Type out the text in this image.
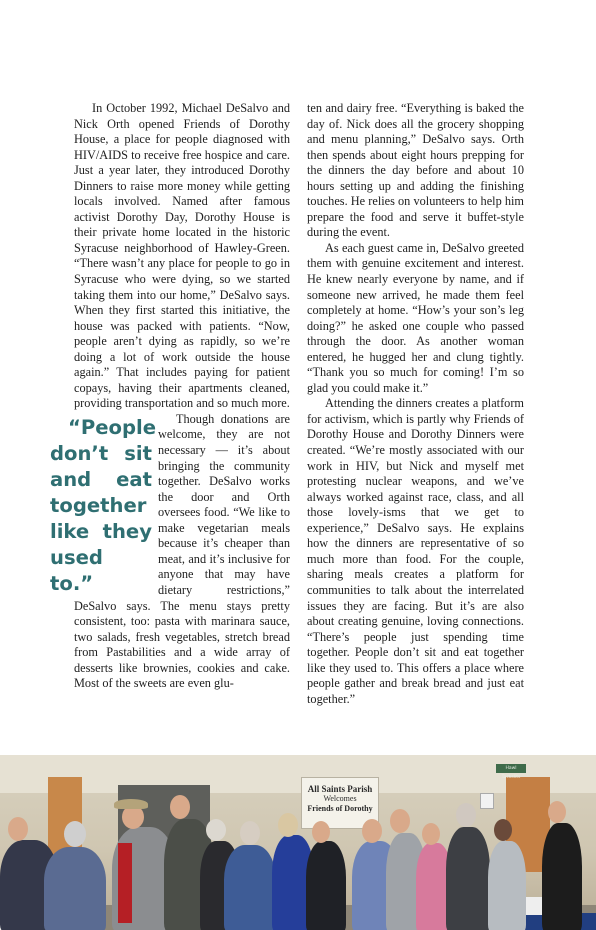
In October 1992, Michael DeSalvo and Nick Orth opened Friends of Dorothy House, a place for people diagnosed with HIV/AIDS to receive free hospice and care. Just a year later, they introduced Dorothy Dinners to raise more money while getting locals involved. Named after famous activist Dorothy Day, Dorothy House is their private home located in the historic Syracuse neighborhood of Hawley-Green. “There wasn’t any place for people to go in Syracuse who were dying, so we started taking them into our home,” DeSalvo says. When they first started this initiative, the house was packed with patients. “Now, people aren’t dying as rapidly, so we’re doing a lot of work outside the house again.” That includes paying for patient copays, having their apartments cleaned, providing transportation and so much more.

“People don’t sit and eat together like they used to.”
Though donations are welcome, they are not necessary — it’s about bringing the community together. DeSalvo works the door and Orth oversees food. “We like to make vegetarian meals because it’s cheaper than meat, and it’s inclusive for anyone that may have dietary restrictions,” DeSalvo says. The menu stays pretty consistent, too: pasta with marinara sauce, two salads, fresh vegetables, stretch bread from Pastabilities and a wide array of desserts like brownies, cookies and cake. Most of the sweets are even glu-

ten and dairy free. “Everything is baked the day of. Nick does all the grocery shopping and menu planning,” DeSalvo says. Orth then spends about eight hours prepping for the dinners the day before and about 10 hours setting up and adding the finishing touches. He relies on volunteers to help him prepare the food and serve it buffet-style during the event.

As each guest came in, DeSalvo greeted them with genuine excitement and interest. He knew nearly everyone by name, and if someone new arrived, he made them feel completely at home. “How’s your son’s leg doing?” he asked one couple who passed through the door. As another woman entered, he hugged her and clung tightly. “Thank you so much for coming! I’m so glad you could make it.”

Attending the dinners creates a platform for activism, which is partly why Friends of Dorothy House and Dorothy Dinners were created. “We’re mostly associated with our work in HIV, but Nick and myself met protesting nuclear weapons, and we’ve always worked against race, class, and all those lovely-isms that we get to experience,” DeSalvo says. He explains how the dinners are representative of so much more than food. For the couple, sharing meals creates a platform for communities to talk about the interrelated issues they are facing. But it’s are also about creating genuine, loving connections. “There’s people just spending time together. People don’t sit and eat together like they used to. This offers a place where people gather and break bread and just eat together.”

Hawl Tackslits
All Saints Parish
Welcomes
Friends of Dorothy
